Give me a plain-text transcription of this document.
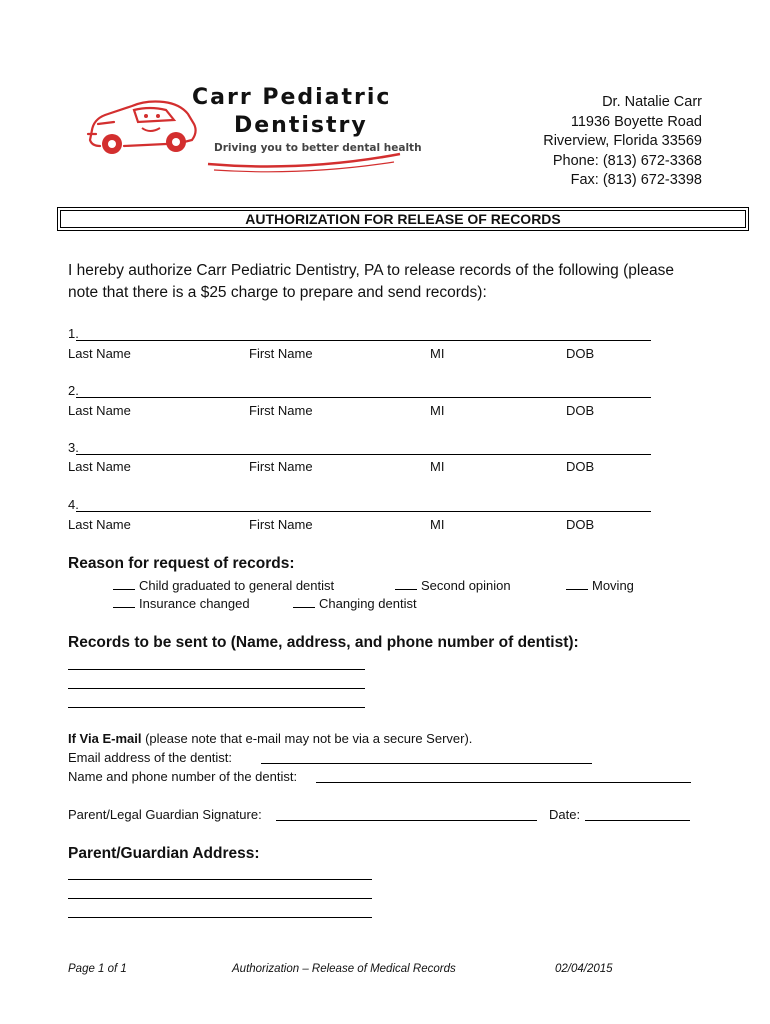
Carr Pediatric
Dentistry
Driving you to better dental health
Dr. Natalie Carr
11936 Boyette Road
Riverview, Florida 33569
Phone: (813) 672-3368
Fax: (813) 672-3398
AUTHORIZATION FOR RELEASE OF RECORDS
I hereby authorize Carr Pediatric Dentistry, PA to release records of the following (please note that there is a $25 charge to prepare and send records):
1.
Last Name	First Name	MI	DOB
2.
Last Name	First Name	MI	DOB
3.
Last Name	First Name	MI	DOB
4.
Last Name	First Name	MI	DOB
Reason for request of records:
Child graduated to general dentist	Second opinion	Moving
Insurance changed	Changing dentist
Records to be sent to (Name, address, and phone number of dentist):
If Via E-mail (please note that e-mail may not be via a secure Server).
Email address of the dentist:
Name and phone number of the dentist:
Parent/Legal Guardian Signature:	Date:
Parent/Guardian Address:
Page 1 of 1	Authorization – Release of Medical Records	02/04/2015
